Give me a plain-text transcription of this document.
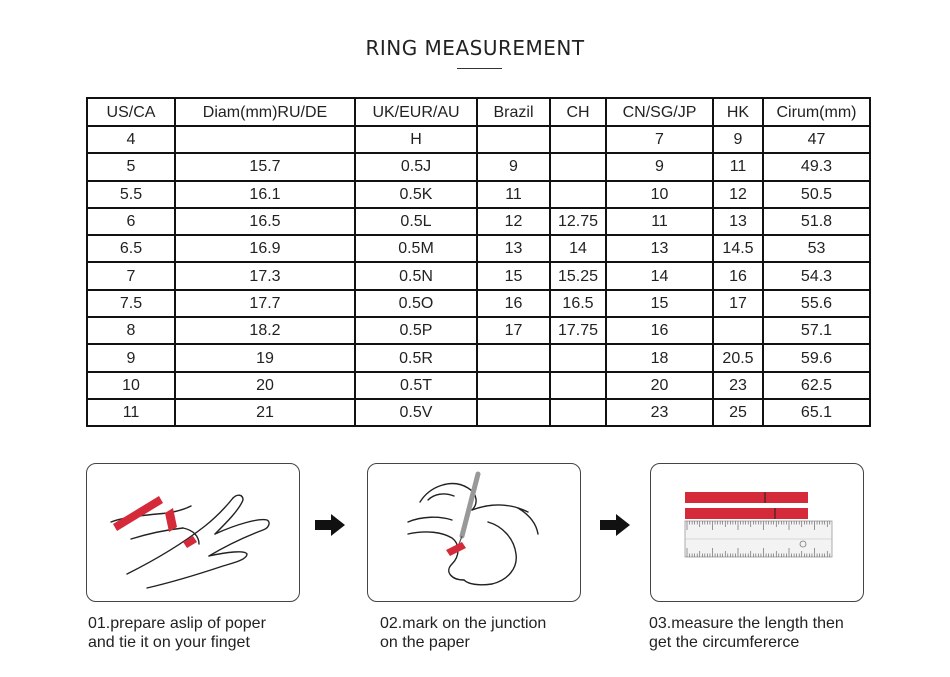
RING MEASUREMENT
US/CA	Diam(mm)RU/DE	UK/EUR/AU	Brazil	CH	CN/SG/JP	HK	Cirum(mm)
4		H			7	9	47
5	15.7	0.5J	9		9	11	49.3
5.5	16.1	0.5K	11		10	12	50.5
6	16.5	0.5L	12	12.75	11	13	51.8
6.5	16.9	0.5M	13	14	13	14.5	53
7	17.3	0.5N	15	15.25	14	16	54.3
7.5	17.7	0.5O	16	16.5	15	17	55.6
8	18.2	0.5P	17	17.75	16		57.1
9	19	0.5R			18	20.5	59.6
10	20	0.5T			20	23	62.5
11	21	0.5V			23	25	65.1
01.prepare aslip of poper
and tie it on your finget
02.mark on the junction
on the paper
03.measure the length then
get the circumfererce
